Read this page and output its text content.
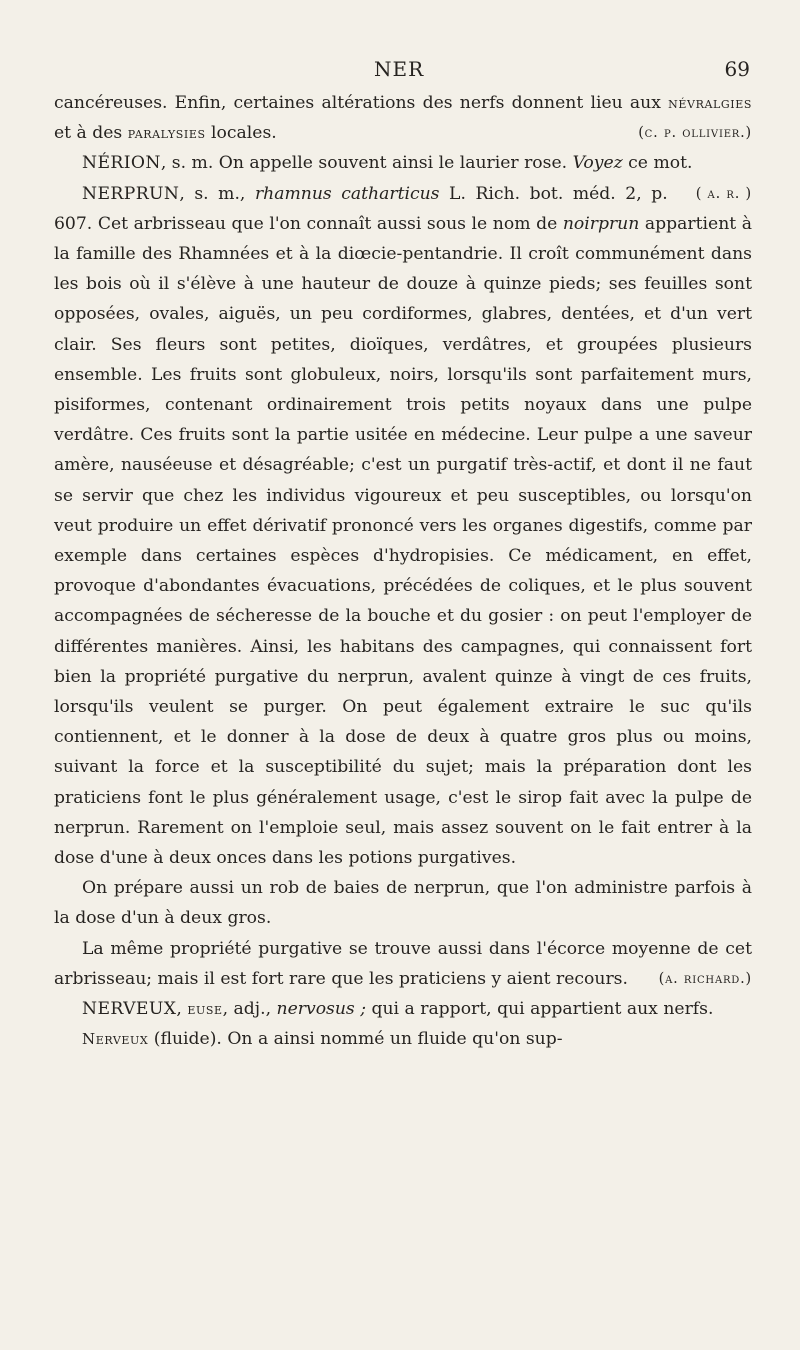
NER	69

cancéreuses. Enfin, certaines altérations des nerfs donnent lieu aux névralgies et à des paralysies locales.	(c. p. ollivier.)

NÉRION, s. m. On appelle souvent ainsi le laurier rose. Voyez ce mot.
( a. r. )

NERPRUN, s. m., rhamnus catharticus L. Rich. bot. méd. 2, p. 607. Cet arbrisseau que l'on connaît aussi sous le nom de noirprun appartient à la famille des Rhamnées et à la diœcie-pentandrie. Il croît communément dans les bois où il s'élève à une hauteur de douze à quinze pieds; ses feuilles sont opposées, ovales, aiguës, un peu cordiformes, glabres, dentées, et d'un vert clair. Ses fleurs sont petites, dioïques, verdâtres, et groupées plusieurs ensemble. Les fruits sont globuleux, noirs, lorsqu'ils sont parfaitement murs, pisiformes, contenant ordinairement trois petits noyaux dans une pulpe verdâtre. Ces fruits sont la partie usitée en médecine. Leur pulpe a une saveur amère, nauséeuse et désagréable; c'est un purgatif très-actif, et dont il ne faut se servir que chez les individus vigoureux et peu susceptibles, ou lorsqu'on veut produire un effet dérivatif prononcé vers les organes digestifs, comme par exemple dans certaines espèces d'hydropisies. Ce médicament, en effet, provoque d'abondantes évacuations, précédées de coliques, et le plus souvent accompagnées de sécheresse de la bouche et du gosier : on peut l'employer de différentes manières. Ainsi, les habitans des campagnes, qui connaissent fort bien la propriété purgative du nerprun, avalent quinze à vingt de ces fruits, lorsqu'ils veulent se purger. On peut également extraire le suc qu'ils contiennent, et le donner à la dose de deux à quatre gros plus ou moins, suivant la force et la susceptibilité du sujet; mais la préparation dont les praticiens font le plus généralement usage, c'est le sirop fait avec la pulpe de nerprun. Rarement on l'emploie seul, mais assez souvent on le fait entrer à la dose d'une à deux onces dans les potions purgatives.

On prépare aussi un rob de baies de nerprun, que l'on administre parfois à la dose d'un à deux gros.

La même propriété purgative se trouve aussi dans l'écorce moyenne de cet arbrisseau; mais il est fort rare que les praticiens y aient recours.	(a. richard.)

NERVEUX, euse, adj., nervosus ; qui a rapport, qui appartient aux nerfs.

Nerveux (fluide). On a ainsi nommé un fluide qu'on sup-
